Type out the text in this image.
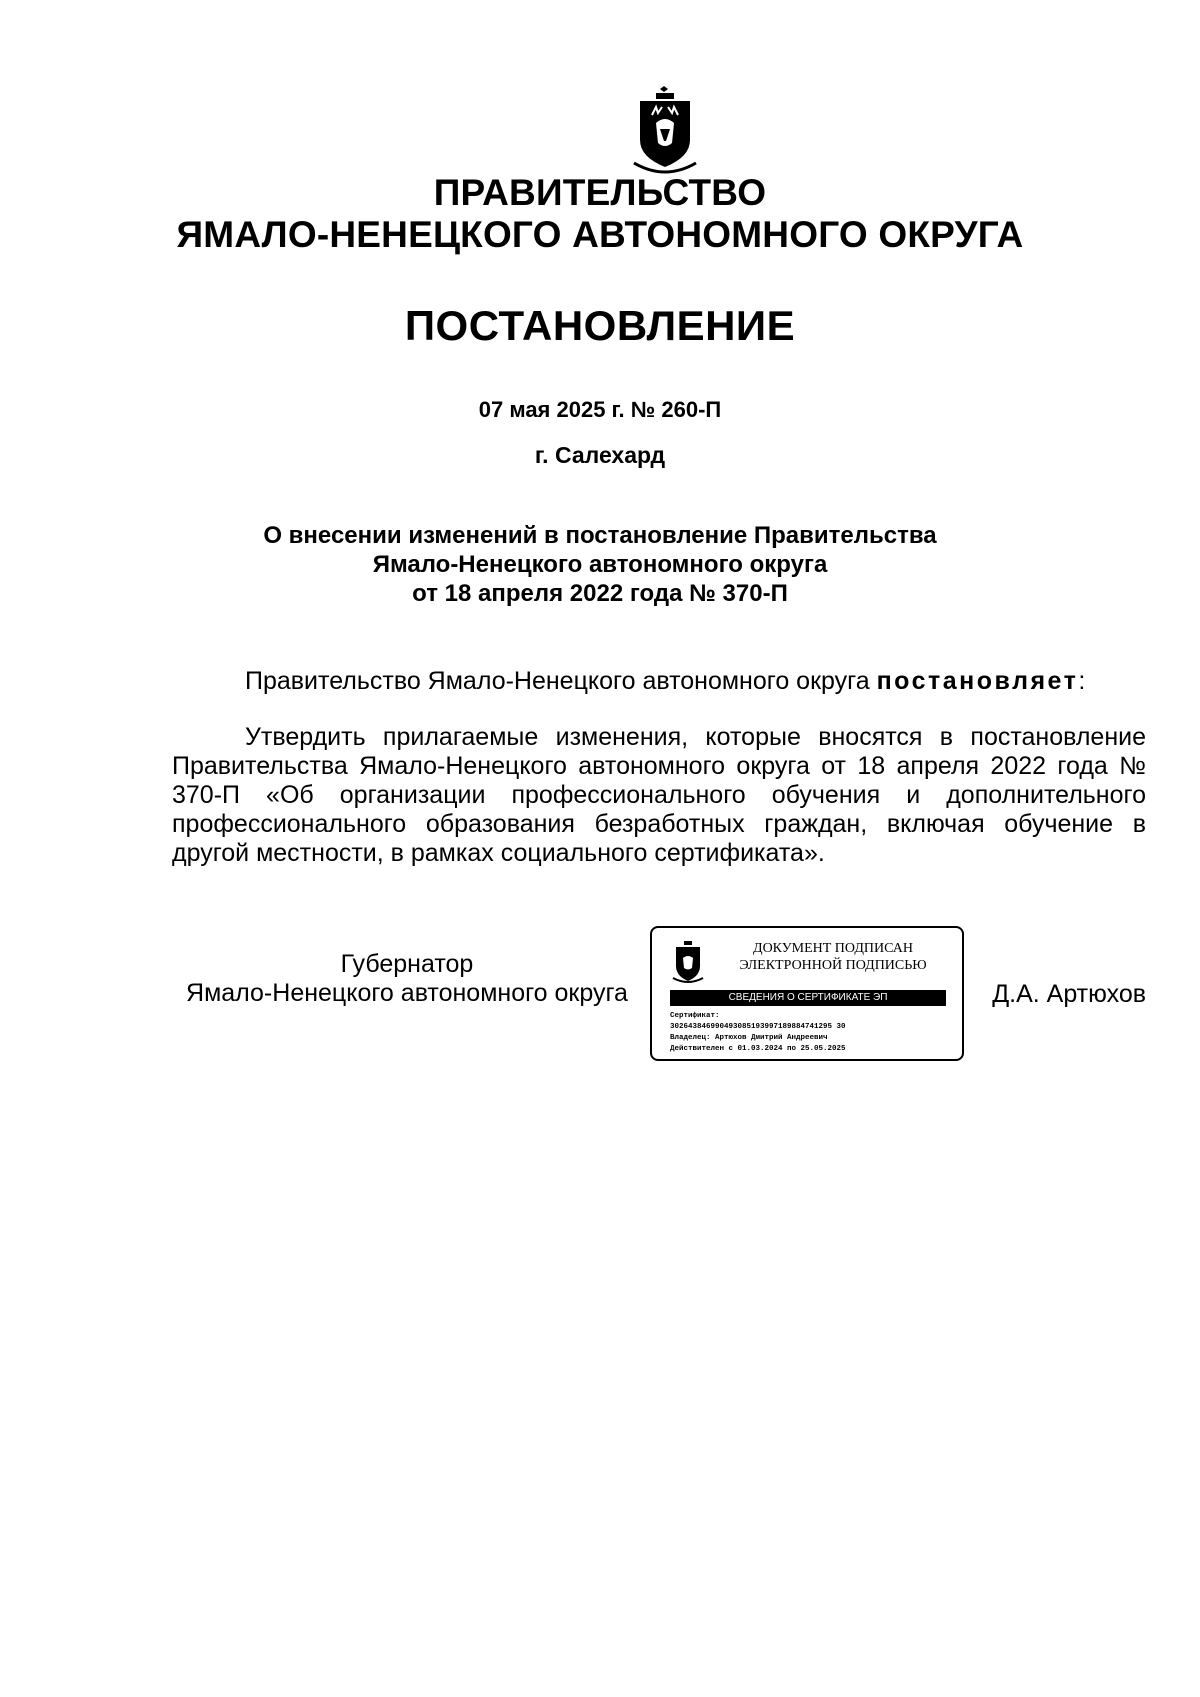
ПРАВИТЕЛЬСТВО
ЯМАЛО-НЕНЕЦКОГО АВТОНОМНОГО ОКРУГА
ПОСТАНОВЛЕНИЕ
07 мая 2025 г. № 260-П
г. Салехард
О внесении изменений в постановление Правительства
Ямало-Ненецкого автономного округа
от 18 апреля 2022 года № 370-П
Правительство Ямало-Ненецкого автономного округа постановляет:
Утвердить прилагаемые изменения, которые вносятся в постановление Правительства Ямало-Ненецкого автономного округа от 18 апреля 2022 года № 370-П «Об организации профессионального обучения и дополнительного профессионального образования безработных граждан, включая обучение в другой местности, в рамках социального сертификата».
Губернатор
Ямало-Ненецкого автономного округа
ДОКУМЕНТ ПОДПИСАН
ЭЛЕКТРОННОЙ ПОДПИСЬЮ
СВЕДЕНИЯ О СЕРТИФИКАТЕ ЭП
Сертификат:
302643846990493085193997189884741295 30
Владелец: Артюхов Дмитрий Андреевич
Действителен с 01.03.2024 по 25.05.2025
Д.А. Артюхов
